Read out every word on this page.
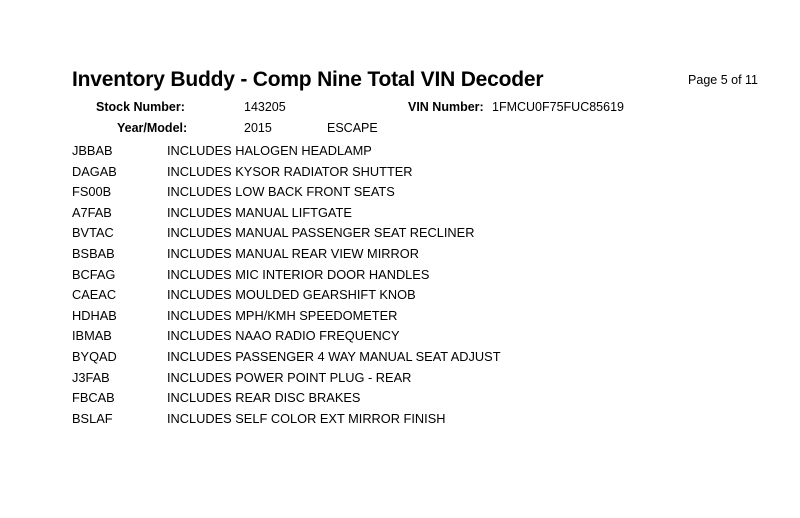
Inventory Buddy - Comp Nine Total VIN Decoder	Page 5 of 11
Stock Number:	143205	VIN Number: 1FMCU0F75FUC85619
Year/Model:	2015	ESCAPE
JBBAB	INCLUDES HALOGEN HEADLAMP
DAGAB	INCLUDES KYSOR RADIATOR SHUTTER
FS00B	INCLUDES LOW BACK FRONT SEATS
A7FAB	INCLUDES MANUAL LIFTGATE
BVTAC	INCLUDES MANUAL PASSENGER SEAT RECLINER
BSBAB	INCLUDES MANUAL REAR VIEW MIRROR
BCFAG	INCLUDES MIC INTERIOR DOOR HANDLES
CAEAC	INCLUDES MOULDED GEARSHIFT KNOB
HDHAB	INCLUDES MPH/KMH SPEEDOMETER
IBMAB	INCLUDES NAAO RADIO FREQUENCY
BYQAD	INCLUDES PASSENGER 4 WAY MANUAL SEAT ADJUST
J3FAB	INCLUDES POWER POINT PLUG - REAR
FBCAB	INCLUDES REAR DISC BRAKES
BSLAF	INCLUDES SELF COLOR EXT MIRROR FINISH
